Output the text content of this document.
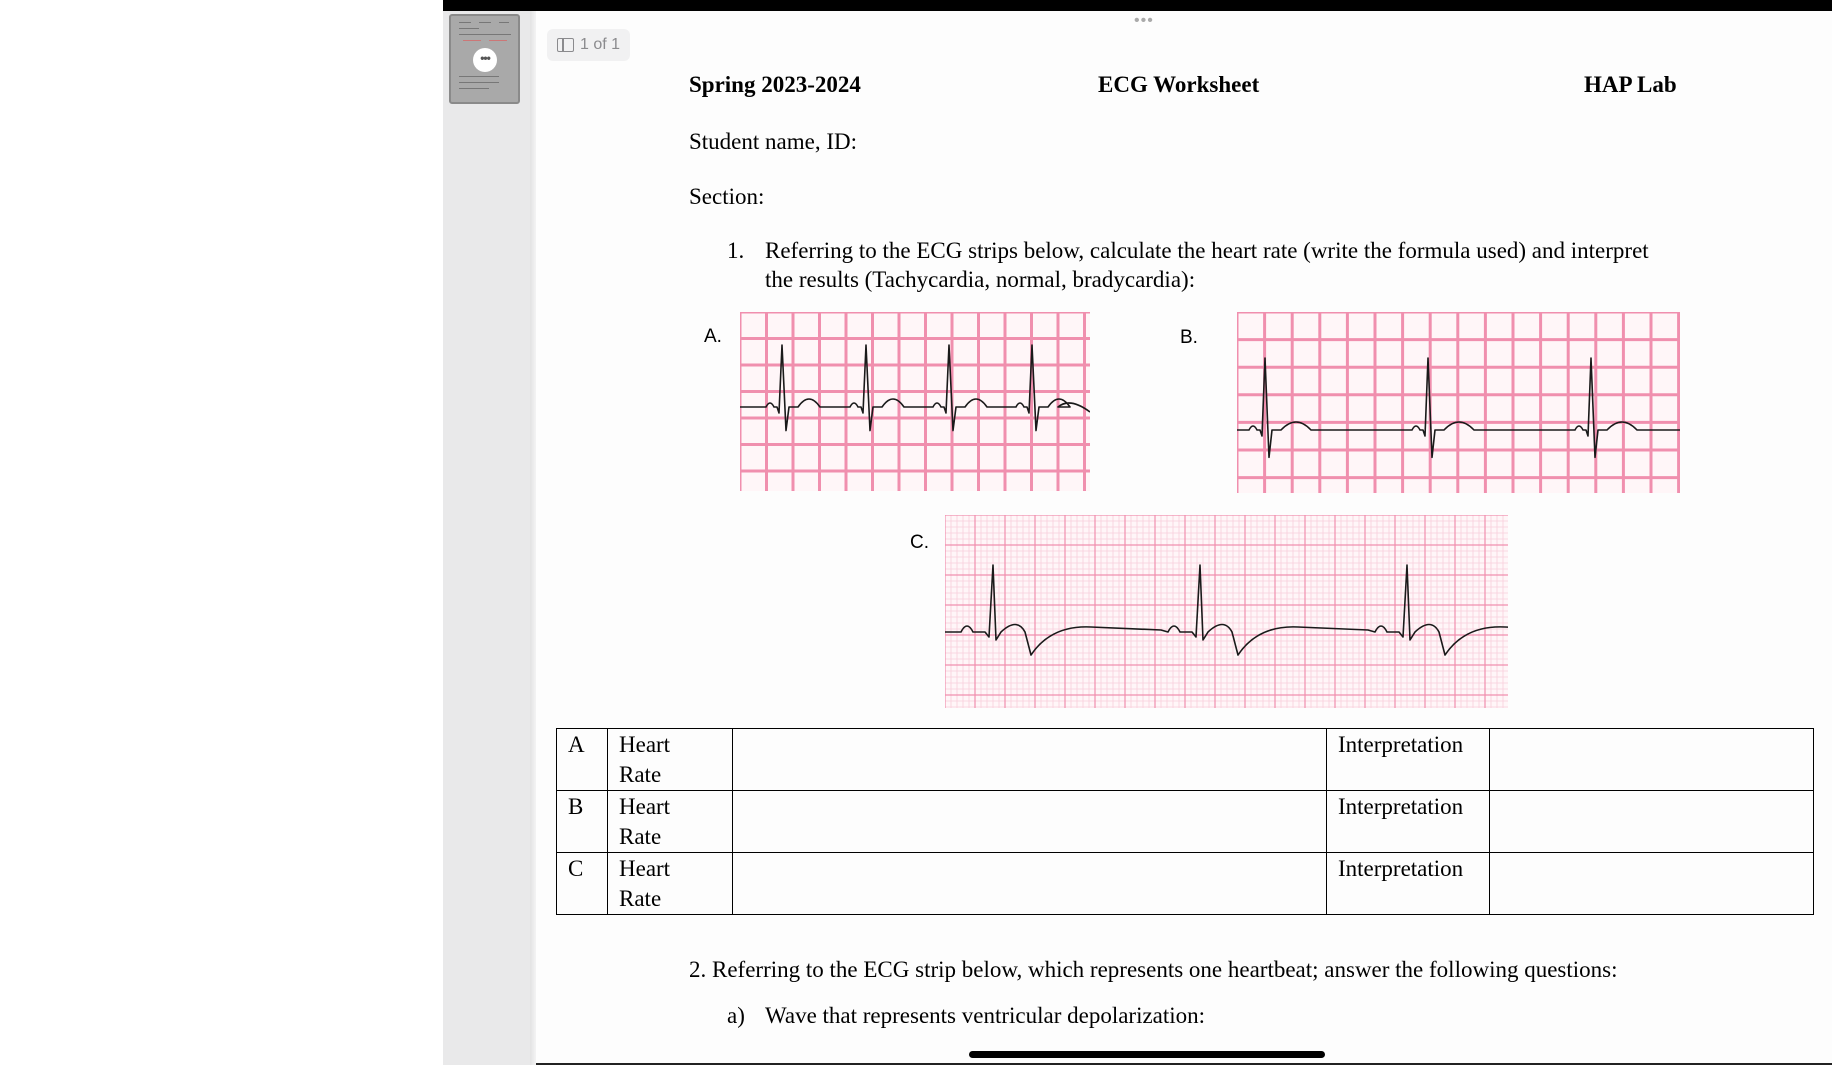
•••
•••
1 of 1
Spring 2023-2024	ECG Worksheet	HAP Lab
Student name, ID:
Section:
1. Referring to the ECG strips below, calculate the heart rate (write the formula used) and interpret
the results (Tachycardia, normal, bradycardia):
A.	B.
C.
A	Heart
Rate		Interpretation	
B	Heart
Rate		Interpretation	
C	Heart
Rate		Interpretation	
2. Referring to the ECG strip below, which represents one heartbeat; answer the following questions:
a) Wave that represents ventricular depolarization:
